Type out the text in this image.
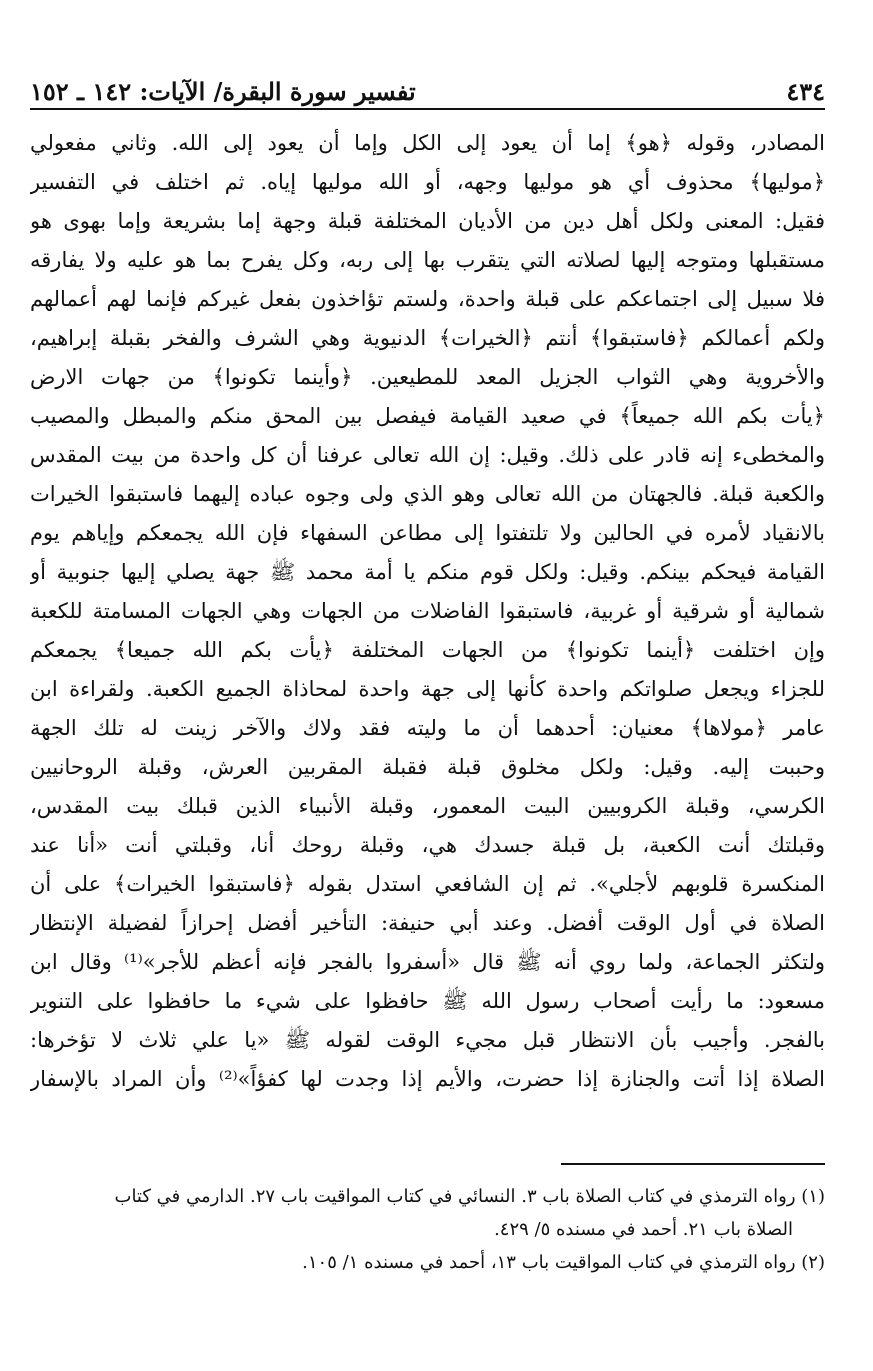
٤٣٤
تفسير سورة البقرة/ الآيات: ١٤٢ ـ ١٥٢
المصادر، وقوله ﴿هو﴾ إما أن يعود إلى الكل وإما أن يعود إلى الله. وثاني مفعولي
﴿موليها﴾ محذوف أي هو موليها وجهه، أو الله موليها إياه. ثم اختلف في التفسير
فقيل: المعنى ولكل أهل دين من الأديان المختلفة قبلة وجهة إما بشريعة وإما بهوى هو
مستقبلها ومتوجه إليها لصلاته التي يتقرب بها إلى ربه، وكل يفرح بما هو عليه ولا يفارقه
فلا سبيل إلى اجتماعكم على قبلة واحدة، ولستم تؤاخذون بفعل غيركم فإنما لهم أعمالهم
ولكم أعمالكم ﴿فاستبقوا﴾ أنتم ﴿الخيرات﴾ الدنيوية وهي الشرف والفخر بقبلة إبراهيم،
والأخروية وهي الثواب الجزيل المعد للمطيعين. ﴿وأينما تكونوا﴾ من جهات الارض
﴿يأت بكم الله جميعاً﴾ في صعيد القيامة فيفصل بين المحق منكم والمبطل والمصيب
والمخطىء إنه قادر على ذلك. وقيل: إن الله تعالى عرفنا أن كل واحدة من بيت المقدس
والكعبة قبلة. فالجهتان من الله تعالى وهو الذي ولى وجوه عباده إليهما فاستبقوا الخيرات
بالانقياد لأمره في الحالين ولا تلتفتوا إلى مطاعن السفهاء فإن الله يجمعكم وإياهم يوم
القيامة فيحكم بينكم. وقيل: ولكل قوم منكم يا أمة محمد ﷺ جهة يصلي إليها جنوبية أو
شمالية أو شرقية أو غربية، فاستبقوا الفاضلات من الجهات وهي الجهات المسامتة للكعبة
وإن اختلفت ﴿أينما تكونوا﴾ من الجهات المختلفة ﴿يأت بكم الله جميعا﴾ يجمعكم
للجزاء ويجعل صلواتكم واحدة كأنها إلى جهة واحدة لمحاذاة الجميع الكعبة. ولقراءة ابن
عامر ﴿مولاها﴾ معنيان: أحدهما أن ما وليته فقد ولاك والآخر زينت له تلك الجهة
وحببت إليه. وقيل: ولكل مخلوق قبلة فقبلة المقربين العرش، وقبلة الروحانيين
الكرسي، وقبلة الكروبيين البيت المعمور، وقبلة الأنبياء الذين قبلك بيت المقدس،
وقبلتك أنت الكعبة، بل قبلة جسدك هي، وقبلة روحك أنا، وقبلتي أنت «أنا عند
المنكسرة قلوبهم لأجلي». ثم إن الشافعي استدل بقوله ﴿فاستبقوا الخيرات﴾ على أن
الصلاة في أول الوقت أفضل. وعند أبي حنيفة: التأخير أفضل إحرازاً لفضيلة الإنتظار
ولتكثر الجماعة، ولما روي أنه ﷺ قال «أسفروا بالفجر فإنه أعظم للأجر»⁽¹⁾ وقال ابن
مسعود: ما رأيت أصحاب رسول الله ﷺ حافظوا على شيء ما حافظوا على التنوير
بالفجر. وأجيب بأن الانتظار قبل مجيء الوقت لقوله ﷺ «يا علي ثلاث لا تؤخرها:
الصلاة إذا أتت والجنازة إذا حضرت، والأيم إذا وجدت لها كفؤاً»⁽²⁾ وأن المراد بالإسفار
(١) رواه الترمذي في كتاب الصلاة باب ٣. النسائي في كتاب المواقيت باب ٢٧. الدارمي في كتاب
الصلاة باب ٢١. أحمد في مسنده ٥/ ٤٢٩.
(٢) رواه الترمذي في كتاب المواقيت باب ١٣، أحمد في مسنده ١/ ١٠٥.
